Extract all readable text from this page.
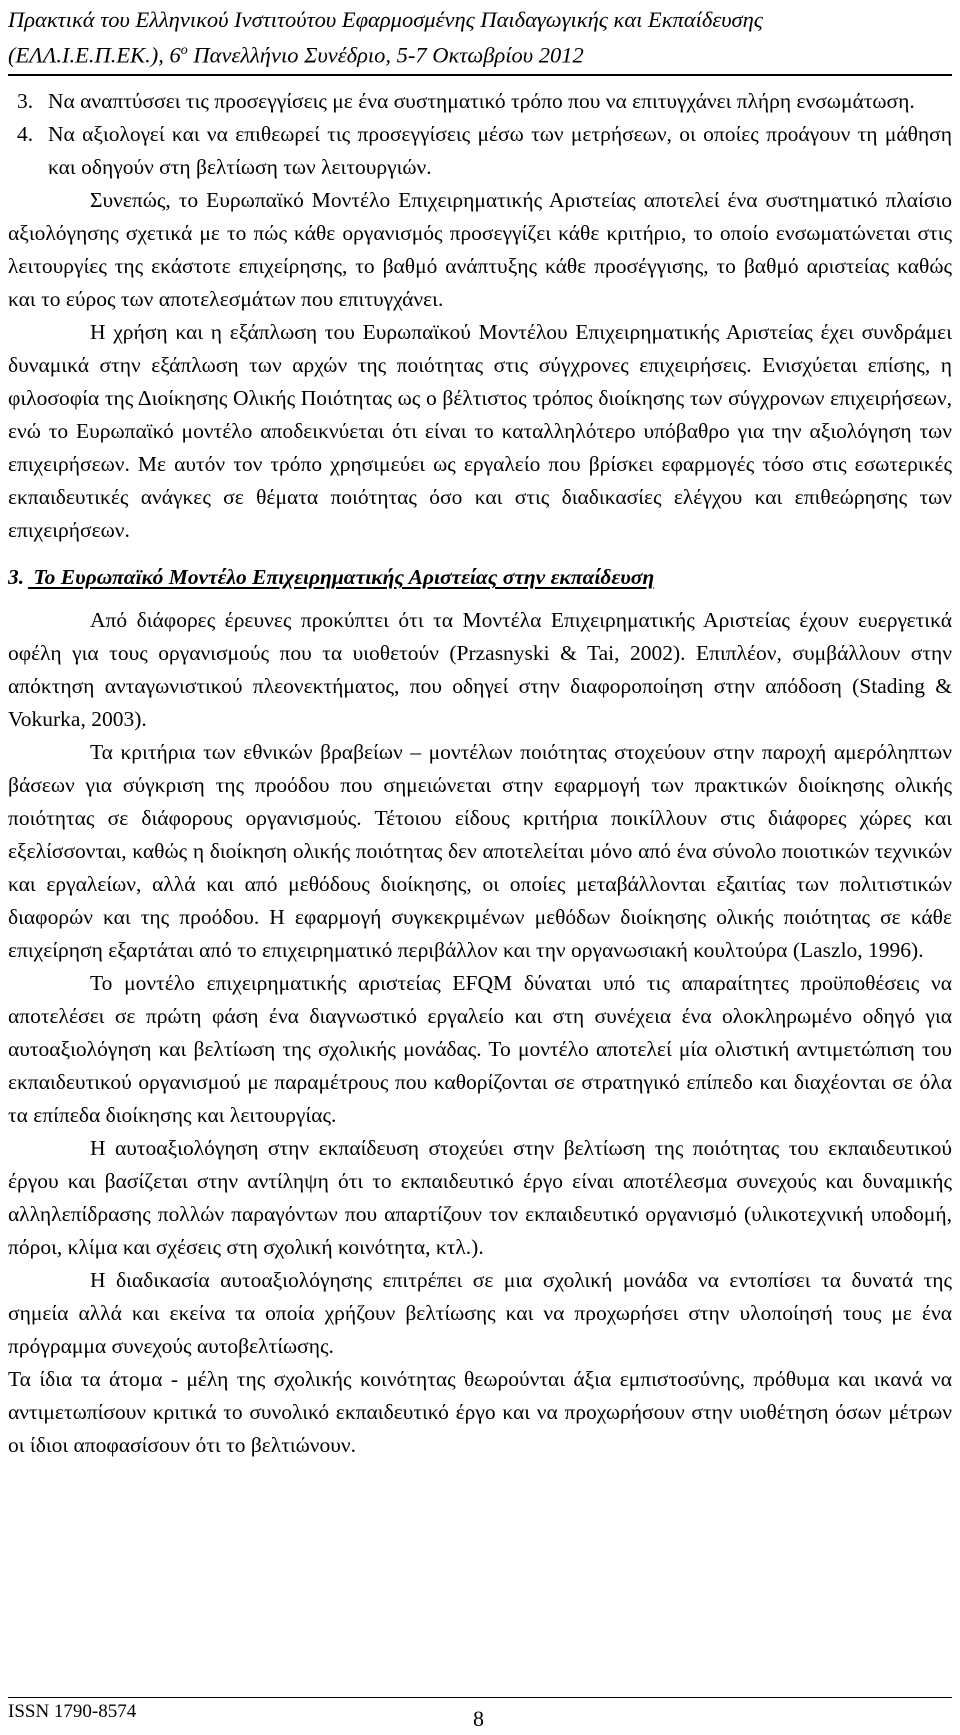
Πρακτικά του Ελληνικού Ινστιτούτου Εφαρμοσμένης Παιδαγωγικής και Εκπαίδευσης
(ΕΛΛ.Ι.Ε.Π.ΕΚ.), $6^o$ Πανελλήνιο Συνέδριο, 5-7 Οκτωβρίου 2012
3. Να αναπτύσσει τις προσεγγίσεις με ένα συστηματικό τρόπο που να επιτυγχάνει πλήρη ενσωμάτωση.
4. Να αξιολογεί και να επιθεωρεί τις προσεγγίσεις μέσω των μετρήσεων, οι οποίες προάγουν τη μάθηση και οδηγούν στη βελτίωση των λειτουργιών.

Συνεπώς, το Ευρωπαϊκό Μοντέλο Επιχειρηματικής Αριστείας αποτελεί ένα συστηματικό πλαίσιο αξιολόγησης σχετικά με το πώς κάθε οργανισμός προσεγγίζει κάθε κριτήριο, το οποίο ενσωματώνεται στις λειτουργίες της εκάστοτε επιχείρησης, το βαθμό ανάπτυξης κάθε προσέγγισης, το βαθμό αριστείας καθώς και το εύρος των αποτελεσμάτων που επιτυγχάνει.

Η χρήση και η εξάπλωση του Ευρωπαϊκού Μοντέλου Επιχειρηματικής Αριστείας έχει συνδράμει δυναμικά στην εξάπλωση των αρχών της ποιότητας στις σύγχρονες επιχειρήσεις. Ενισχύεται επίσης, η φιλοσοφία της Διοίκησης Ολικής Ποιότητας ως ο βέλτιστος τρόπος διοίκησης των σύγχρονων επιχειρήσεων, ενώ το Ευρωπαϊκό μοντέλο αποδεικνύεται ότι είναι το καταλληλότερο υπόβαθρο για την αξιολόγηση των επιχειρήσεων. Με αυτόν τον τρόπο χρησιμεύει ως εργαλείο που βρίσκει εφαρμογές τόσο στις εσωτερικές εκπαιδευτικές ανάγκες σε θέματα ποιότητας όσο και στις διαδικασίες ελέγχου και επιθεώρησης των επιχειρήσεων.

3. Το Ευρωπαϊκό Μοντέλο Επιχειρηματικής Αριστείας στην εκπαίδευση

Από διάφορες έρευνες προκύπτει ότι τα Μοντέλα Επιχειρηματικής Αριστείας έχουν ευεργετικά οφέλη για τους οργανισμούς που τα υιοθετούν (Przasnyski & Tai, 2002). Επιπλέον, συμβάλλουν στην απόκτηση ανταγωνιστικού πλεονεκτήματος, που οδηγεί στην διαφοροποίηση στην απόδοση (Stading & Vokurka, 2003).

Τα κριτήρια των εθνικών βραβείων – μοντέλων ποιότητας στοχεύουν στην παροχή αμερόληπτων βάσεων για σύγκριση της προόδου που σημειώνεται στην εφαρμογή των πρακτικών διοίκησης ολικής ποιότητας σε διάφορους οργανισμούς. Τέτοιου είδους κριτήρια ποικίλλουν στις διάφορες χώρες και εξελίσσονται, καθώς η διοίκηση ολικής ποιότητας δεν αποτελείται μόνο από ένα σύνολο ποιοτικών τεχνικών και εργαλείων, αλλά και από μεθόδους διοίκησης, οι οποίες μεταβάλλονται εξαιτίας των πολιτιστικών διαφορών και της προόδου. Η εφαρμογή συγκεκριμένων μεθόδων διοίκησης ολικής ποιότητας σε κάθε επιχείρηση εξαρτάται από το επιχειρηματικό περιβάλλον και την οργανωσιακή κουλτούρα (Laszlo, 1996).

Το μοντέλο επιχειρηματικής αριστείας EFQM δύναται υπό τις απαραίτητες προϋποθέσεις να αποτελέσει σε πρώτη φάση ένα διαγνωστικό εργαλείο και στη συνέχεια ένα ολοκληρωμένο οδηγό για αυτοαξιολόγηση και βελτίωση της σχολικής μονάδας. Το μοντέλο αποτελεί μία ολιστική αντιμετώπιση του εκπαιδευτικού οργανισμού με παραμέτρους που καθορίζονται σε στρατηγικό επίπεδο και διαχέονται σε όλα τα επίπεδα διοίκησης και λειτουργίας.

Η αυτοαξιολόγηση στην εκπαίδευση στοχεύει στην βελτίωση της ποιότητας του εκπαιδευτικού έργου και βασίζεται στην αντίληψη ότι το εκπαιδευτικό έργο είναι αποτέλεσμα συνεχούς και δυναμικής αλληλεπίδρασης πολλών παραγόντων που απαρτίζουν τον εκπαιδευτικό οργανισμό (υλικοτεχνική υποδομή, πόροι, κλίμα και σχέσεις στη σχολική κοινότητα, κτλ.).

Η διαδικασία αυτοαξιολόγησης επιτρέπει σε μια σχολική μονάδα να εντοπίσει τα δυνατά της σημεία αλλά και εκείνα τα οποία χρήζουν βελτίωσης και να προχωρήσει στην υλοποίησή τους με ένα πρόγραμμα συνεχούς αυτοβελτίωσης.

Τα ίδια τα άτομα - μέλη της σχολικής κοινότητας θεωρούνται άξια εμπιστοσύνης, πρόθυμα και ικανά να αντιμετωπίσουν κριτικά το συνολικό εκπαιδευτικό έργο και να προχωρήσουν στην υιοθέτηση όσων μέτρων οι ίδιοι αποφασίσουν ότι το βελτιώνουν.

ISSN 1790-8574	8
